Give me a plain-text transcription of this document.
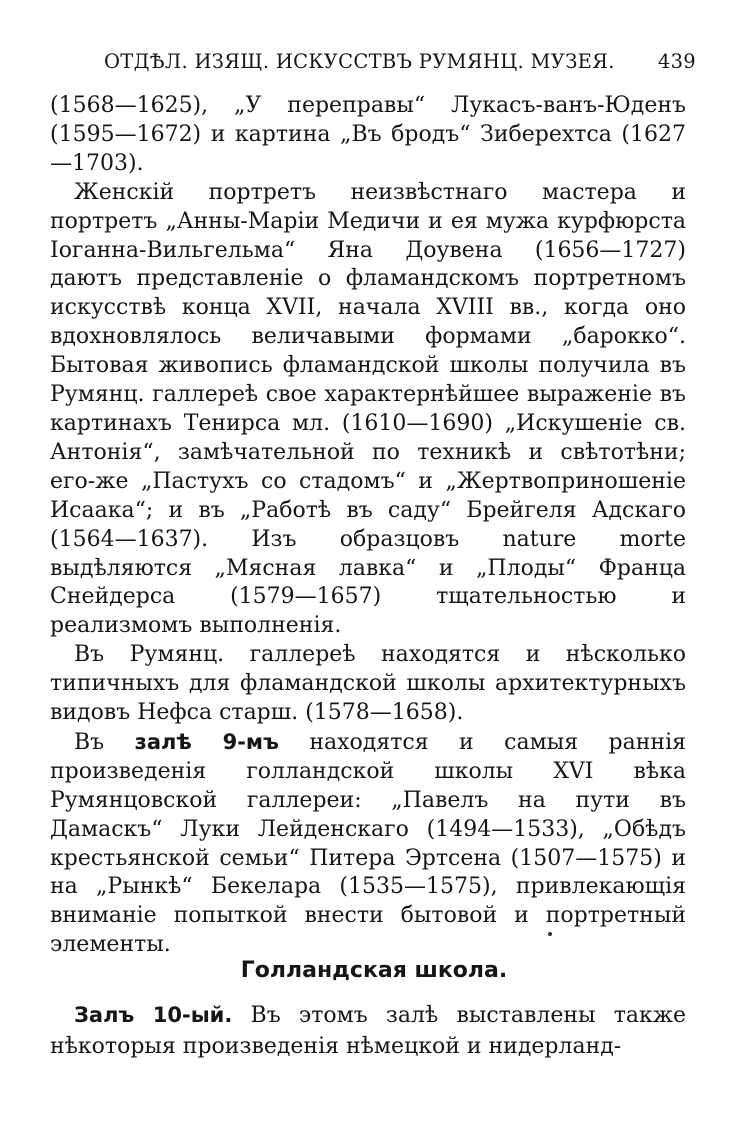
ОТДѢЛ. ИЗЯЩ. ИСКУССТВЪ РУМЯНЦ. МУЗЕЯ. 439

(1568—1625), „У переправы“ Лукасъ-ванъ-Юденъ (1595—1672) и картина „Въ бродъ“ Зиберехтса (1627—1703).

Женскій портретъ неизвѣстнаго мастера и портретъ „Анны-Маріи Медичи и ея мужа курфюрста Іоганна-Вильгельма“ Яна Доувена (1656—1727) даютъ представленіе о фламандскомъ портретномъ искусствѣ конца XVII, начала XVIII вв., когда оно вдохновлялось величавыми формами „барокко“. Бытовая живопись фламандской школы получила въ Румянц. галлереѣ свое характернѣйшее выраженіе въ картинахъ Тенирса мл. (1610—1690) „Искушеніе св. Антонія“, замѣчательной по техникѣ и свѣтотѣни; его-же „Пастухъ со стадомъ“ и „Жертвоприношеніе Исаака“; и въ „Работѣ въ саду“ Брейгеля Адскаго (1564—1637). Изъ образцовъ nature morte выдѣляются „Мясная лавка“ и „Плоды“ Франца Снейдерса (1579—1657) тщательностью и реализмомъ выполненія.

Въ Румянц. галлереѣ находятся и нѣсколько типичныхъ для фламандской школы архитектурныхъ видовъ Нефса старш. (1578—1658).

Въ залѣ 9-мъ находятся и самыя раннія произведенія голландской школы XVI вѣка Румянцовской галлереи: „Павелъ на пути въ Дамаскъ“ Луки Лейденскаго (1494—1533), „Обѣдъ крестьянской семьи“ Питера Эртсена (1507—1575) и на „Рынкѣ“ Бекелара (1535—1575), привлекающія вниманіе попыткой внести бытовой и портретный элементы.

Голландская школа.

Залъ 10-ый. Въ этомъ залѣ выставлены также нѣкоторыя произведенія нѣмецкой и нидерланд-
